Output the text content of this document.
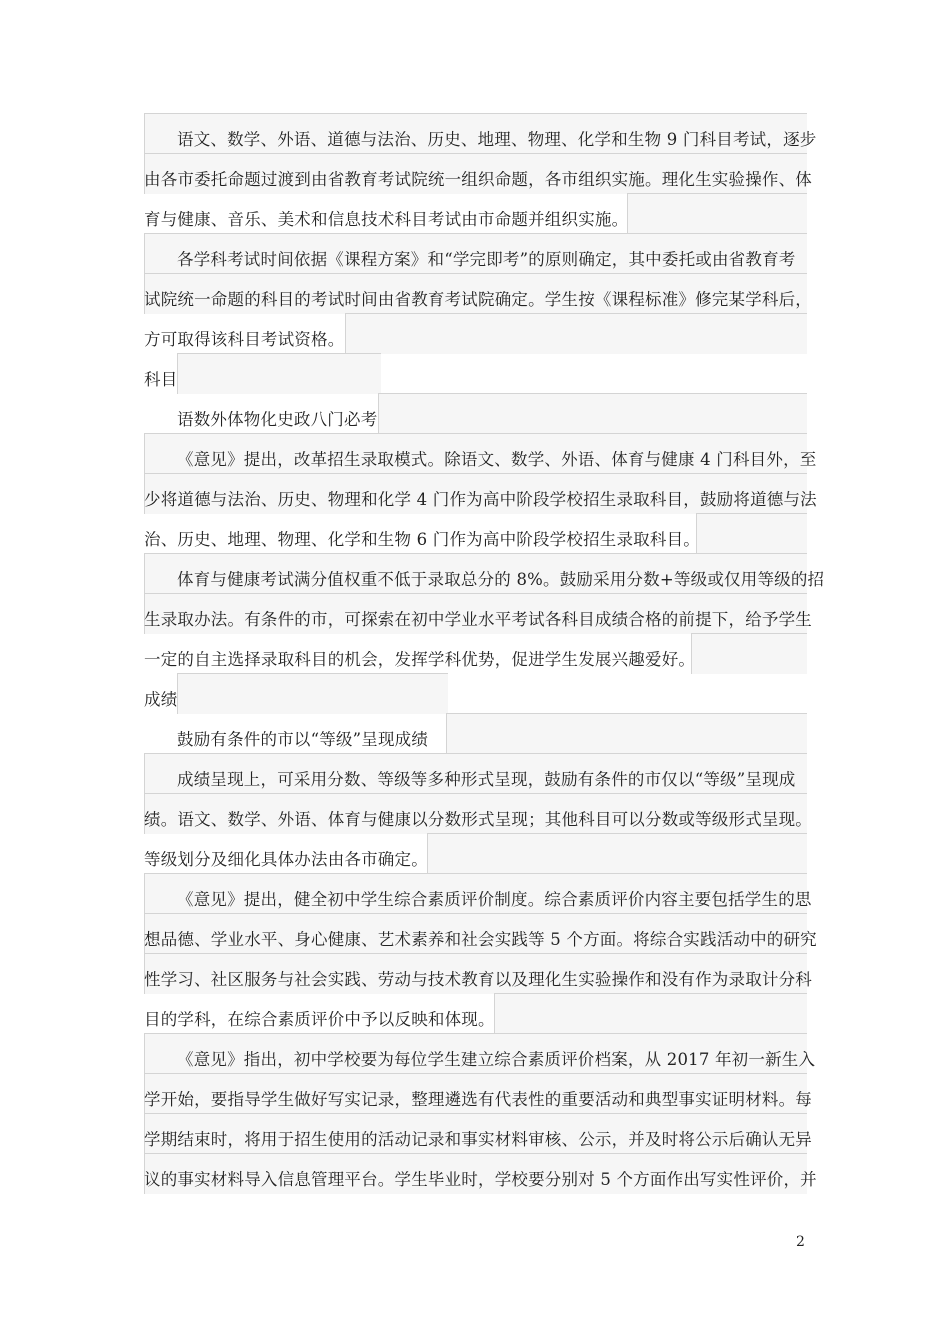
语文、数学、外语、道德与法治、历史、地理、物理、化学和生物 9 门科目考试，逐步
由各市委托命题过渡到由省教育考试院统一组织命题，各市组织实施。理化生实验操作、体
育与健康、音乐、美术和信息技术科目考试由市命题并组织实施。
各学科考试时间依据《课程方案》和“学完即考”的原则确定，其中委托或由省教育考
试院统一命题的科目的考试时间由省教育考试院确定。学生按《课程标准》修完某学科后，
方可取得该科目考试资格。
科目
语数外体物化史政八门必考
《意见》提出，改革招生录取模式。除语文、数学、外语、体育与健康 4 门科目外，至
少将道德与法治、历史、物理和化学 4 门作为高中阶段学校招生录取科目，鼓励将道德与法
治、历史、地理、物理、化学和生物 6 门作为高中阶段学校招生录取科目。
体育与健康考试满分值权重不低于录取总分的 8%。鼓励采用分数+等级或仅用等级的招
生录取办法。有条件的市，可探索在初中学业水平考试各科目成绩合格的前提下，给予学生
一定的自主选择录取科目的机会，发挥学科优势，促进学生发展兴趣爱好。
成绩
鼓励有条件的市以“等级”呈现成绩
成绩呈现上，可采用分数、等级等多种形式呈现，鼓励有条件的市仅以“等级”呈现成
绩。语文、数学、外语、体育与健康以分数形式呈现；其他科目可以分数或等级形式呈现。
等级划分及细化具体办法由各市确定。
《意见》提出，健全初中学生综合素质评价制度。综合素质评价内容主要包括学生的思
想品德、学业水平、身心健康、艺术素养和社会实践等 5 个方面。将综合实践活动中的研究
性学习、社区服务与社会实践、劳动与技术教育以及理化生实验操作和没有作为录取计分科
目的学科，在综合素质评价中予以反映和体现。
《意见》指出，初中学校要为每位学生建立综合素质评价档案，从 2017 年初一新生入
学开始，要指导学生做好写实记录，整理遴选有代表性的重要活动和典型事实证明材料。每
学期结束时，将用于招生使用的活动记录和事实材料审核、公示，并及时将公示后确认无异
议的事实材料导入信息管理平台。学生毕业时，学校要分别对 5 个方面作出写实性评价，并
2
